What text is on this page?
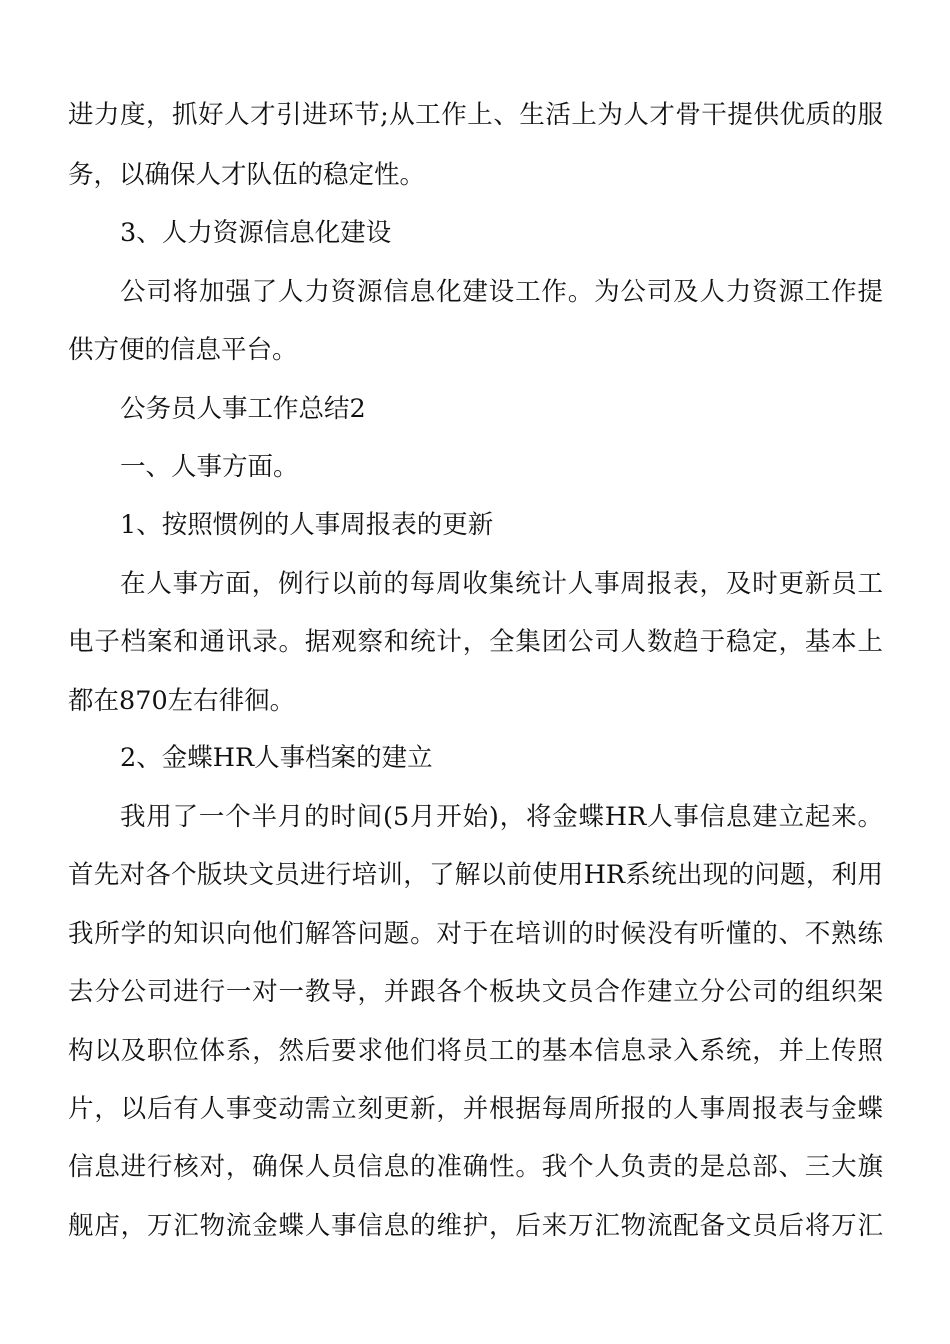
进力度，抓好人才引进环节;从工作上、生活上为人才骨干提供优质的服
务，以确保人才队伍的稳定性。
3、人力资源信息化建设
公司将加强了人力资源信息化建设工作。为公司及人力资源工作提
供方便的信息平台。
公务员人事工作总结2
一、人事方面。
1、按照惯例的人事周报表的更新
在人事方面，例行以前的每周收集统计人事周报表，及时更新员工
电子档案和通讯录。据观察和统计，全集团公司人数趋于稳定，基本上
都在870左右徘徊。
2、金蝶HR人事档案的建立
我用了一个半月的时间(5月开始)，将金蝶HR人事信息建立起来。
首先对各个版块文员进行培训，了解以前使用HR系统出现的问题，利用
我所学的知识向他们解答问题。对于在培训的时候没有听懂的、不熟练
去分公司进行一对一教导，并跟各个板块文员合作建立分公司的组织架
构以及职位体系，然后要求他们将员工的基本信息录入系统，并上传照
片，以后有人事变动需立刻更新，并根据每周所报的人事周报表与金蝶
信息进行核对，确保人员信息的准确性。我个人负责的是总部、三大旗
舰店，万汇物流金蝶人事信息的维护，后来万汇物流配备文员后将万汇
